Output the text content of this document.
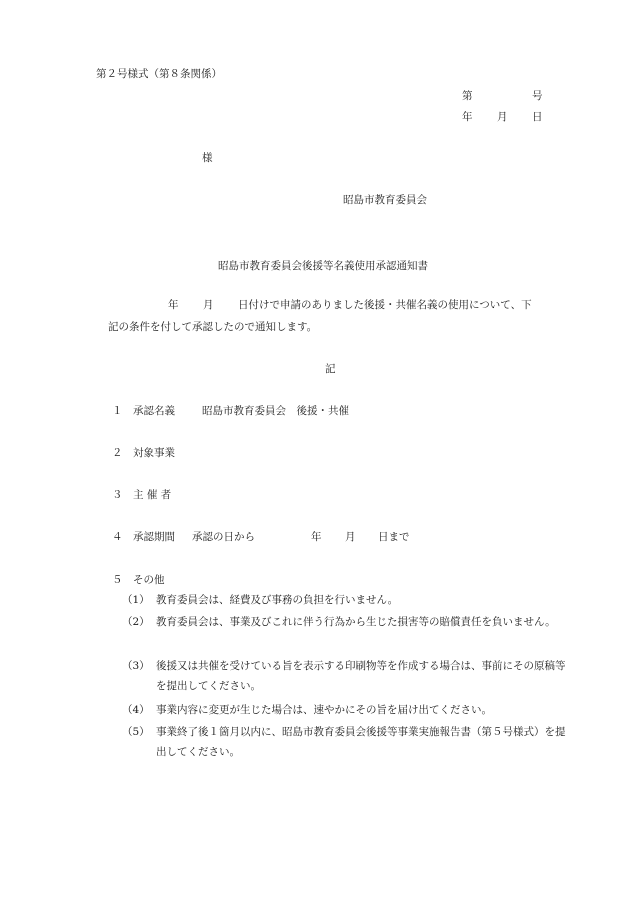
第２号様式（第８条関係）
第	号
年 月 日
様
昭島市教育委員会
昭島市教育委員会後援等名義使用承認通知書
年 月 日付けで申請のありました後援・共催名義の使用について、下
記の条件を付して承認したので通知します。
記
１ 承認名義	昭島市教育委員会　後援・共催
２ 対象事業
３ 主 催 者
４ 承認期間 承認の日から	年 月 日まで
５ その他
（1） 教育委員会は、経費及び事務の負担を行いません。
（2） 教育委員会は、事業及びこれに伴う行為から生じた損害等の賠償責任を負いません。
（3） 後援又は共催を受けている旨を表示する印刷物等を作成する場合は、事前にその原稿等を提出してください。
（4） 事業内容に変更が生じた場合は、速やかにその旨を届け出てください。
（5） 事業終了後１箇月以内に、昭島市教育委員会後援等事業実施報告書（第５号様式）を提出してください。
